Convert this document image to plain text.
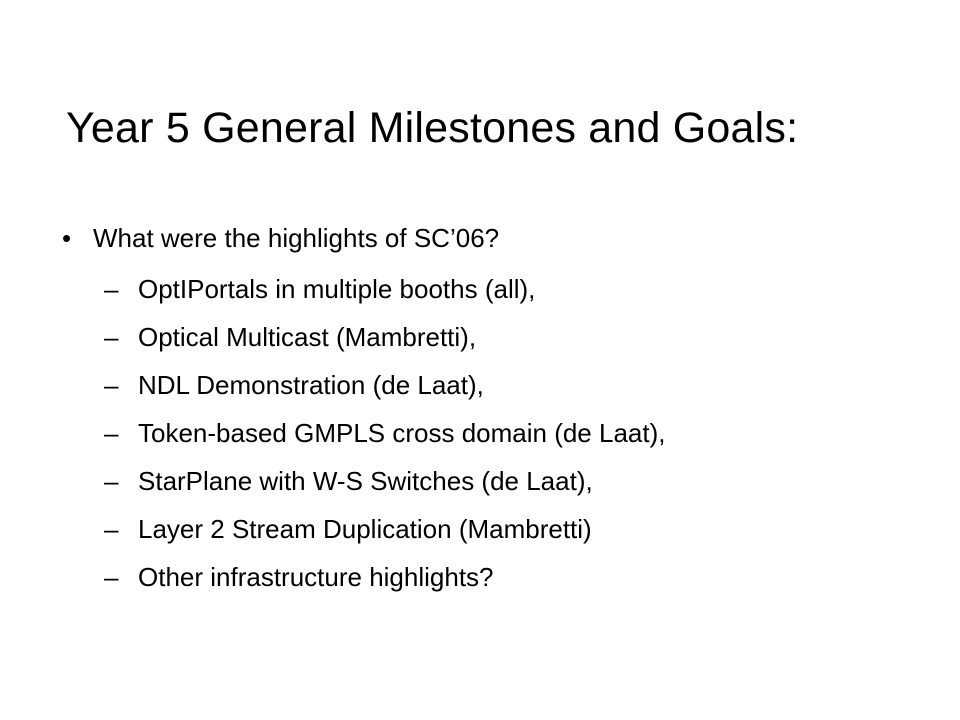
Year 5 General Milestones and Goals:
• What were the highlights of SC’06?
– OptIPortals in multiple booths (all),
– Optical Multicast (Mambretti),
– NDL Demonstration (de Laat),
– Token-based GMPLS cross domain (de Laat),
– StarPlane with W-S Switches (de Laat),
– Layer 2 Stream Duplication (Mambretti)
– Other infrastructure highlights?
